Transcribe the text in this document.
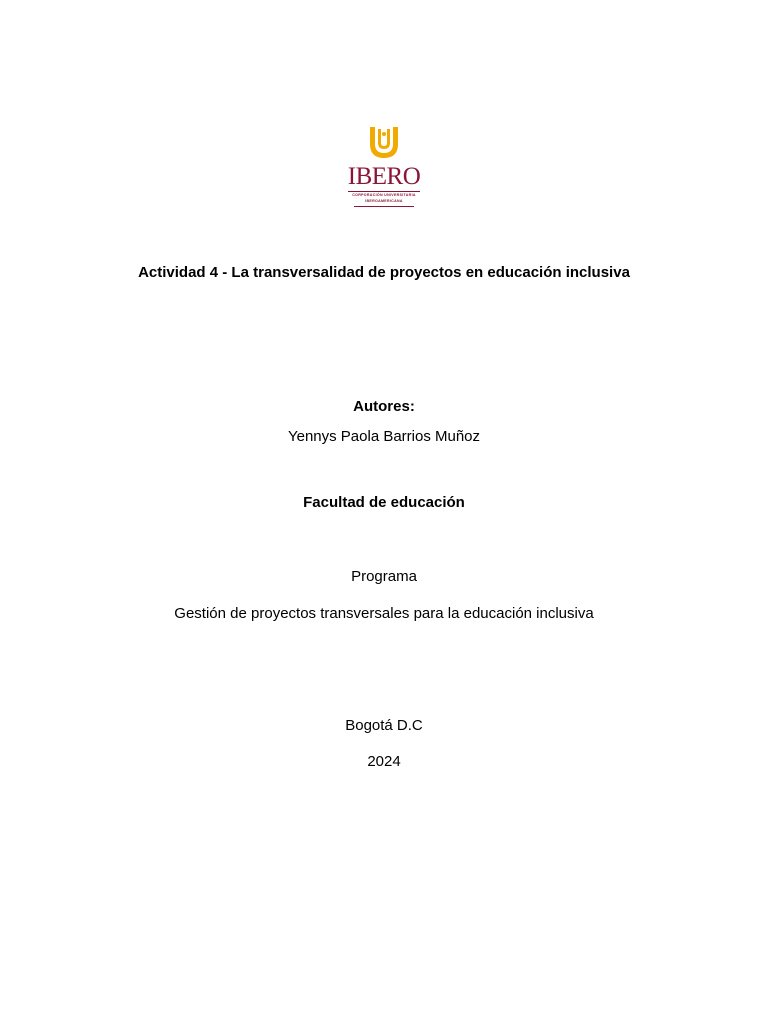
IBERO
CORPORACIÓN UNIVERSITARIA
IBEROAMERICANA
Actividad 4 - La transversalidad de proyectos en educación inclusiva
Autores:
Yennys Paola Barrios Muñoz
Facultad de educación
Programa
Gestión de proyectos transversales para la educación inclusiva
Bogotá D.C
2024
